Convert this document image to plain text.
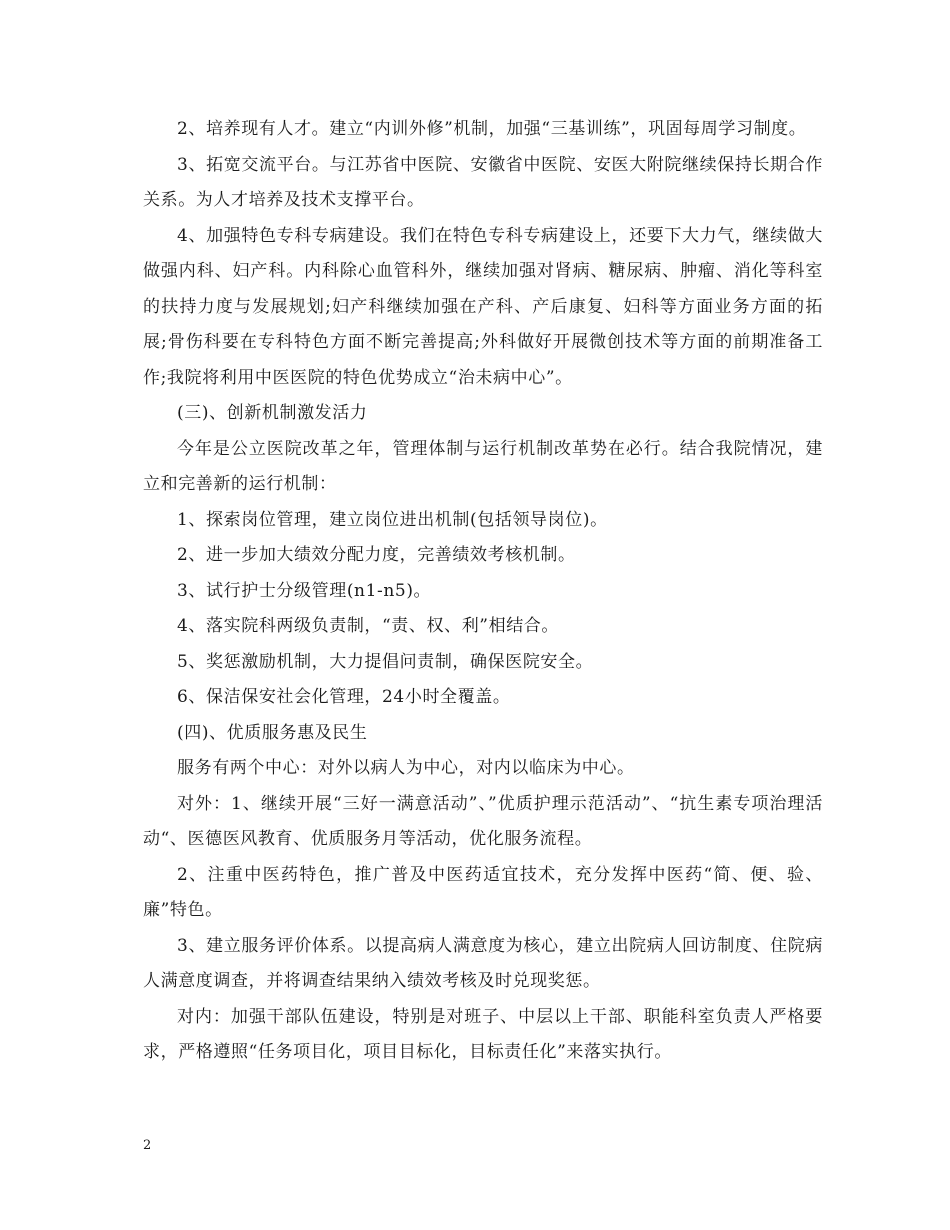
2、培养现有人才。建立“内训外修”机制，加强“三基训练”，巩固每周学习制度。

3、拓宽交流平台。与江苏省中医院、安徽省中医院、安医大附院继续保持长期合作关系。为人才培养及技术支撑平台。

4、加强特色专科专病建设。我们在特色专科专病建设上，还要下大力气，继续做大做强内科、妇产科。内科除心血管科外，继续加强对肾病、糖尿病、肿瘤、消化等科室的扶持力度与发展规划;妇产科继续加强在产科、产后康复、妇科等方面业务方面的拓展;骨伤科要在专科特色方面不断完善提高;外科做好开展微创技术等方面的前期准备工作;我院将利用中医医院的特色优势成立“治未病中心”。

(三)、创新机制激发活力

今年是公立医院改革之年，管理体制与运行机制改革势在必行。结合我院情况，建立和完善新的运行机制：

1、探索岗位管理，建立岗位进出机制(包括领导岗位)。

2、进一步加大绩效分配力度，完善绩效考核机制。

3、试行护士分级管理(n1-n5)。

4、落实院科两级负责制，“责、权、利”相结合。

5、奖惩激励机制，大力提倡问责制，确保医院安全。

6、保洁保安社会化管理，24小时全覆盖。

(四)、优质服务惠及民生

服务有两个中心：对外以病人为中心，对内以临床为中心。

对外：1、继续开展“三好一满意活动”、”优质护理示范活动”、“抗生素专项治理活动“、医德医风教育、优质服务月等活动，优化服务流程。

2、注重中医药特色，推广普及中医药适宜技术，充分发挥中医药“简、便、验、廉”特色。

3、建立服务评价体系。以提高病人满意度为核心，建立出院病人回访制度、住院病人满意度调查，并将调查结果纳入绩效考核及时兑现奖惩。

对内：加强干部队伍建设，特别是对班子、中层以上干部、职能科室负责人严格要求，严格遵照“任务项目化，项目目标化，目标责任化”来落实执行。

2
